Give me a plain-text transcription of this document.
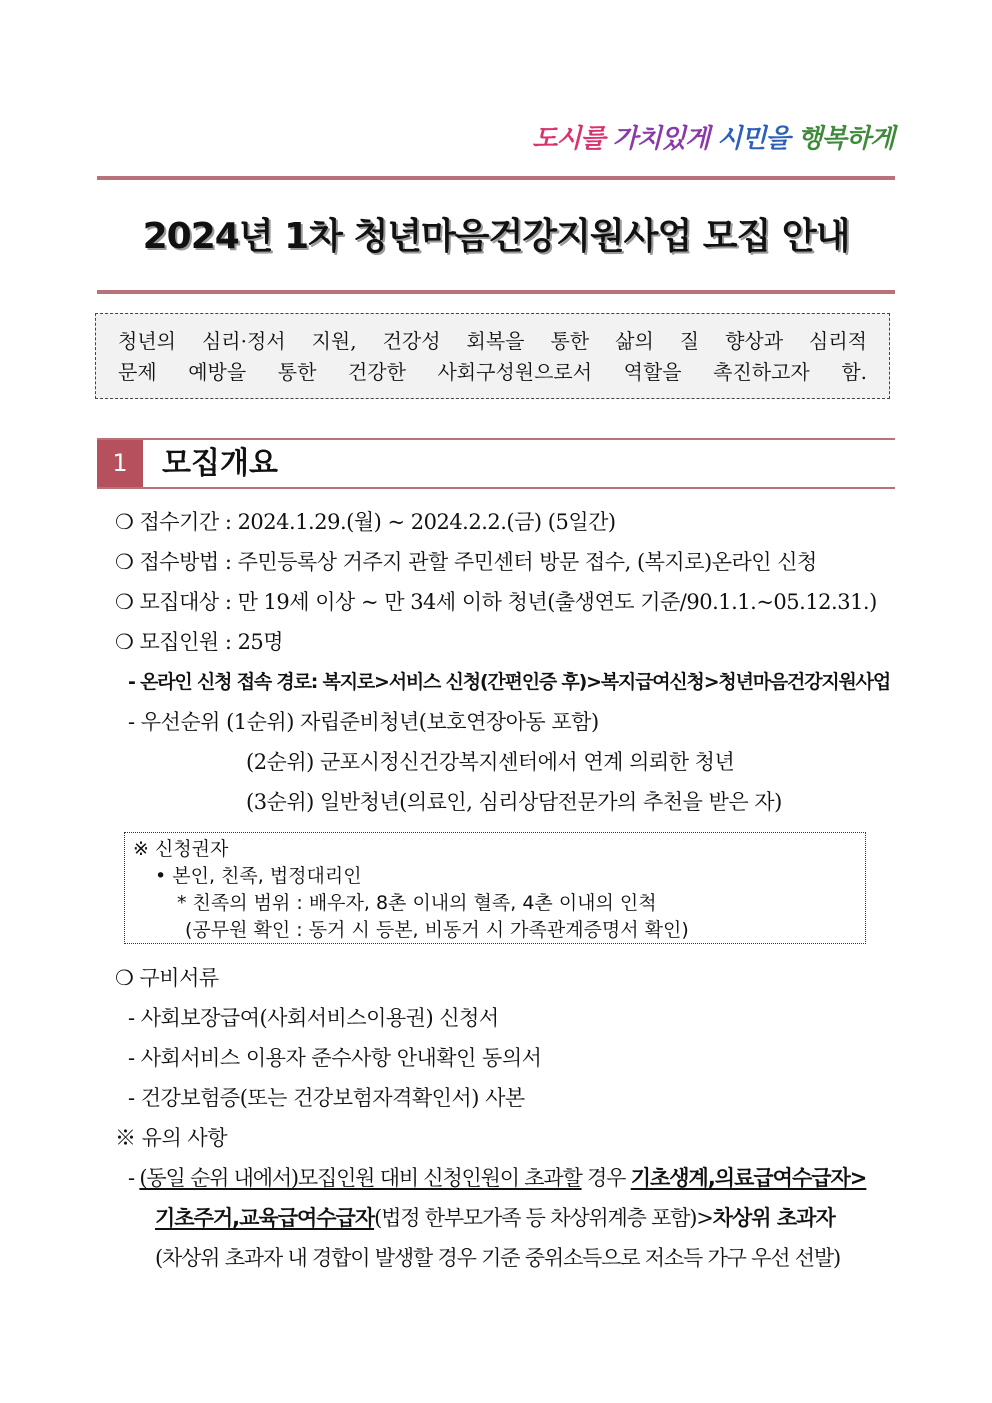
도시를 가치있게 시민을 행복하게
2024년 1차 청년마음건강지원사업 모집 안내

청년의 심리·정서 지원, 건강성 회복을 통한 삶의 질 향상과 심리적

문제 예방을 통한 건강한 사회구성원으로서 역할을 촉진하고자 함.

1	모집개요
❍ 접수기간 : 2024.1.29.(월) ~ 2024.2.2.(금) (5일간)
❍ 접수방법 : 주민등록상 거주지 관할 주민센터 방문 접수, (복지로)온라인 신청
❍ 모집대상 : 만 19세 이상 ~ 만 34세 이하 청년(출생연도 기준/90.1.1.~05.12.31.)
❍ 모집인원 : 25명
- 온라인 신청 접속 경로: 복지로>서비스 신청(간편인증 후)>복지급여신청>청년마음건강지원사업
- 우선순위 (1순위) 자립준비청년(보호연장아동 포함)
(2순위) 군포시정신건강복지센터에서 연계 의뢰한 청년
(3순위) 일반청년(의료인, 심리상담전문가의 추천을 받은 자)
※ 신청권자
• 본인, 친족, 법정대리인
* 친족의 범위 : 배우자, 8촌 이내의 혈족, 4촌 이내의 인척
(공무원 확인 : 동거 시 등본, 비동거 시 가족관계증명서 확인)
❍ 구비서류
- 사회보장급여(사회서비스이용권) 신청서
- 사회서비스 이용자 준수사항 안내확인 동의서
- 건강보험증(또는 건강보험자격확인서) 사본
※ 유의 사항
- (동일 순위 내에서)모집인원 대비 신청인원이 초과할 경우 기초생계,의료급여수급자>
기초주거,교육급여수급자(법정 한부모가족 등 차상위계층 포함)>차상위 초과자
(차상위 초과자 내 경합이 발생할 경우 기준 중위소득으로 저소득 가구 우선 선발)
